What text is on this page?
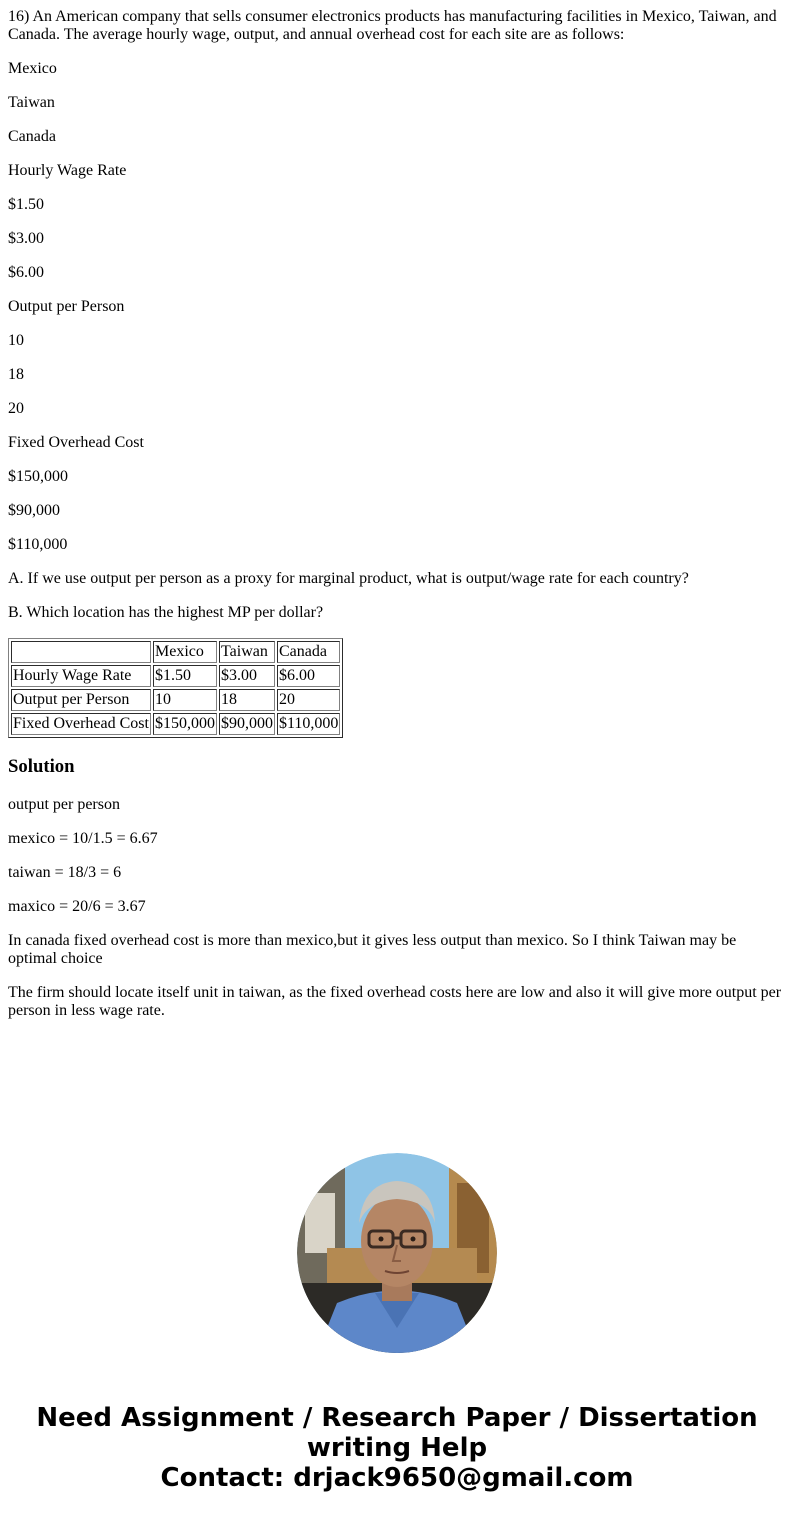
16) An American company that sells consumer electronics products has manufacturing facilities in Mexico, Taiwan, and Canada. The average hourly wage, output, and annual overhead cost for each site are as follows:

Mexico

Taiwan

Canada

Hourly Wage Rate

$1.50

$3.00

$6.00

Output per Person

10

18

20

Fixed Overhead Cost

$150,000

$90,000

$110,000

A. If we use output per person as a proxy for marginal product, what is output/wage rate for each country?

B. Which location has the highest MP per dollar?

	Mexico	Taiwan	Canada
Hourly Wage Rate	$1.50	$3.00	$6.00
Output per Person	10	18	20
Fixed Overhead Cost	$150,000	$90,000	$110,000
Solution

output per person

mexico = 10/1.5 = 6.67

taiwan = 18/3 = 6

maxico = 20/6 = 3.67

In canada fixed overhead cost is more than mexico,but it gives less output than mexico. So I think Taiwan may be optimal choice

The firm should locate itself unit in taiwan, as the fixed overhead costs here are low and also it will give more output per person in less wage rate.

Need Assignment / Research Paper / Dissertation
writing Help
Contact: drjack9650@gmail.com
